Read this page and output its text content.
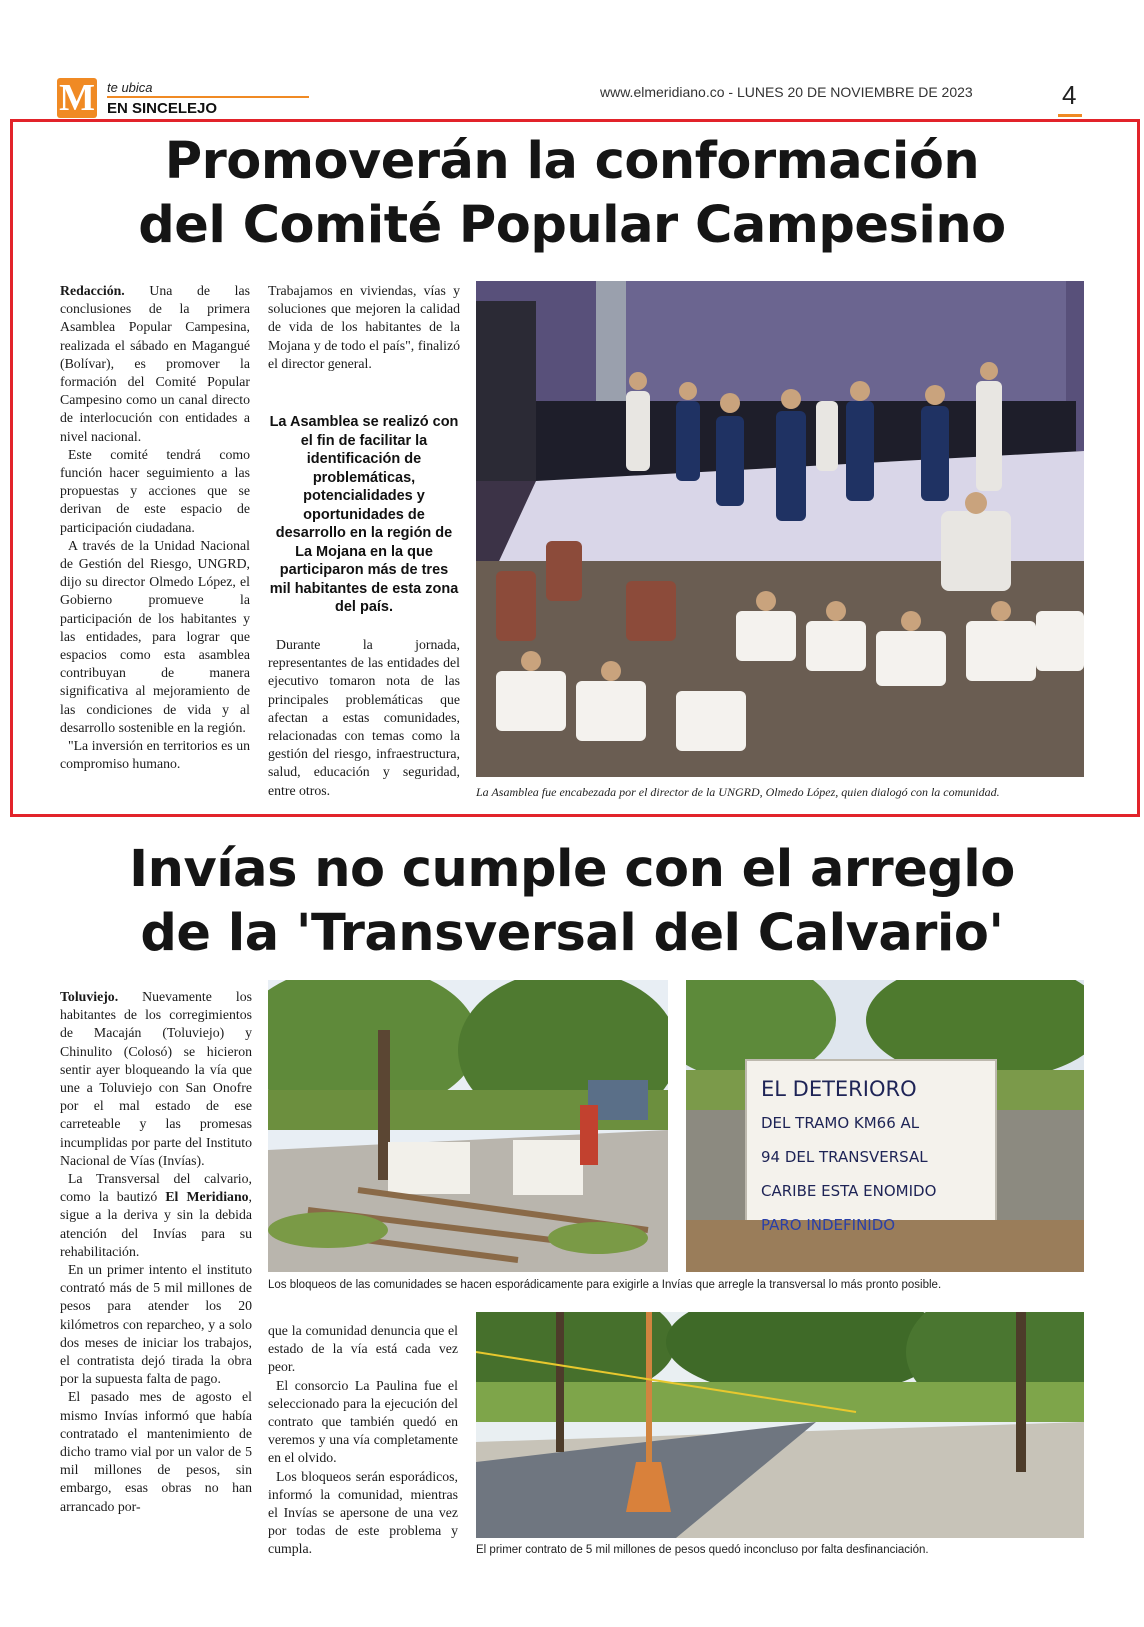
M te ubica
EN SINCELEJO
www.elmeridiano.co - LUNES 20 DE NOVIEMBRE DE 2023	4
Promoverán la conformación
del Comité Popular Campesino

Redacción. Una de las conclusiones de la primera Asamblea Popular Campesina, realizada el sábado en Magangué (Bolívar), es promover la formación del Comité Popular Campesino como un canal directo de interlocución con entidades a nivel nacional.

Este comité tendrá como función hacer seguimiento a las propuestas y acciones que se derivan de este espacio de participación ciudadana.

A través de la Unidad Nacional de Gestión del Riesgo, UNGRD, dijo su director Olmedo López, el Gobierno promueve la participación de los habitantes y las entidades, para lograr que espacios como esta asamblea contribuyan de manera significativa al mejoramiento de las condiciones de vida y al desarrollo sostenible en la región.

"La inversión en territorios es un compromiso humano.

Trabajamos en viviendas, vías y soluciones que mejoren la calidad de vida de los habitantes de la Mojana y de todo el país", finalizó el director general.

La Asamblea se realizó con el fin de facilitar la identificación de problemáticas, potencialidades y oportunidades de desarrollo en la región de La Mojana en la que participaron más de tres mil habitantes de esta zona del país.

Durante la jornada, representantes de las entidades del ejecutivo tomaron nota de las principales problemáticas que afectan a estas comunidades, relacionadas con temas como la gestión del riesgo, infraestructura, salud, educación y seguridad, entre otros.	La Asamblea fue encabezada por el director de la UNGRD, Olmedo López, quien dialogó con la comunidad.
Invías no cumple con el arreglo
de la 'Transversal del Calvario'

Toluviejo. Nuevamente los habitantes de los corregimientos de Macaján (Toluviejo) y Chinulito (Colosó) se hicieron sentir ayer bloqueando la vía que une a Toluviejo con San Onofre por el mal estado de ese carreteable y las promesas incumplidas por parte del Instituto Nacional de Vías (Invías).

La Transversal del calvario, como la bautizó El Meridiano, sigue a la deriva y sin la debida atención del Invías para su rehabilitación.

En un primer intento el instituto contrató más de 5 mil millones de pesos para atender los 20 kilómetros con reparcheo, y a solo dos meses de iniciar los trabajos, el contratista dejó tirada la obra por la supuesta falta de pago.

El pasado mes de agosto el mismo Invías informó que había contratado el mantenimiento de dicho tramo vial por un valor de 5 mil millones de pesos, sin embargo, esas obras no han arrancado por-

EL DETERIORO
DEL TRAMO KM66 AL
94 DEL TRANSVERSAL
CARIBE ESTA ENOMIDO
PARO INDEFINIDO
Los bloqueos de las comunidades se hacen esporádicamente para exigirle a Invías que arregle la transversal lo más pronto posible.

que la comunidad denuncia que el estado de la vía está cada vez peor.

El consorcio La Paulina fue el seleccionado para la ejecución del contrato que también quedó en veremos y una vía completamente en el olvido.

Los bloqueos serán esporádicos, informó la comunidad, mientras el Invías se apersone de una vez por todas de este problema y cumpla.	El primer contrato de 5 mil millones de pesos quedó inconcluso por falta desfinanciación.
